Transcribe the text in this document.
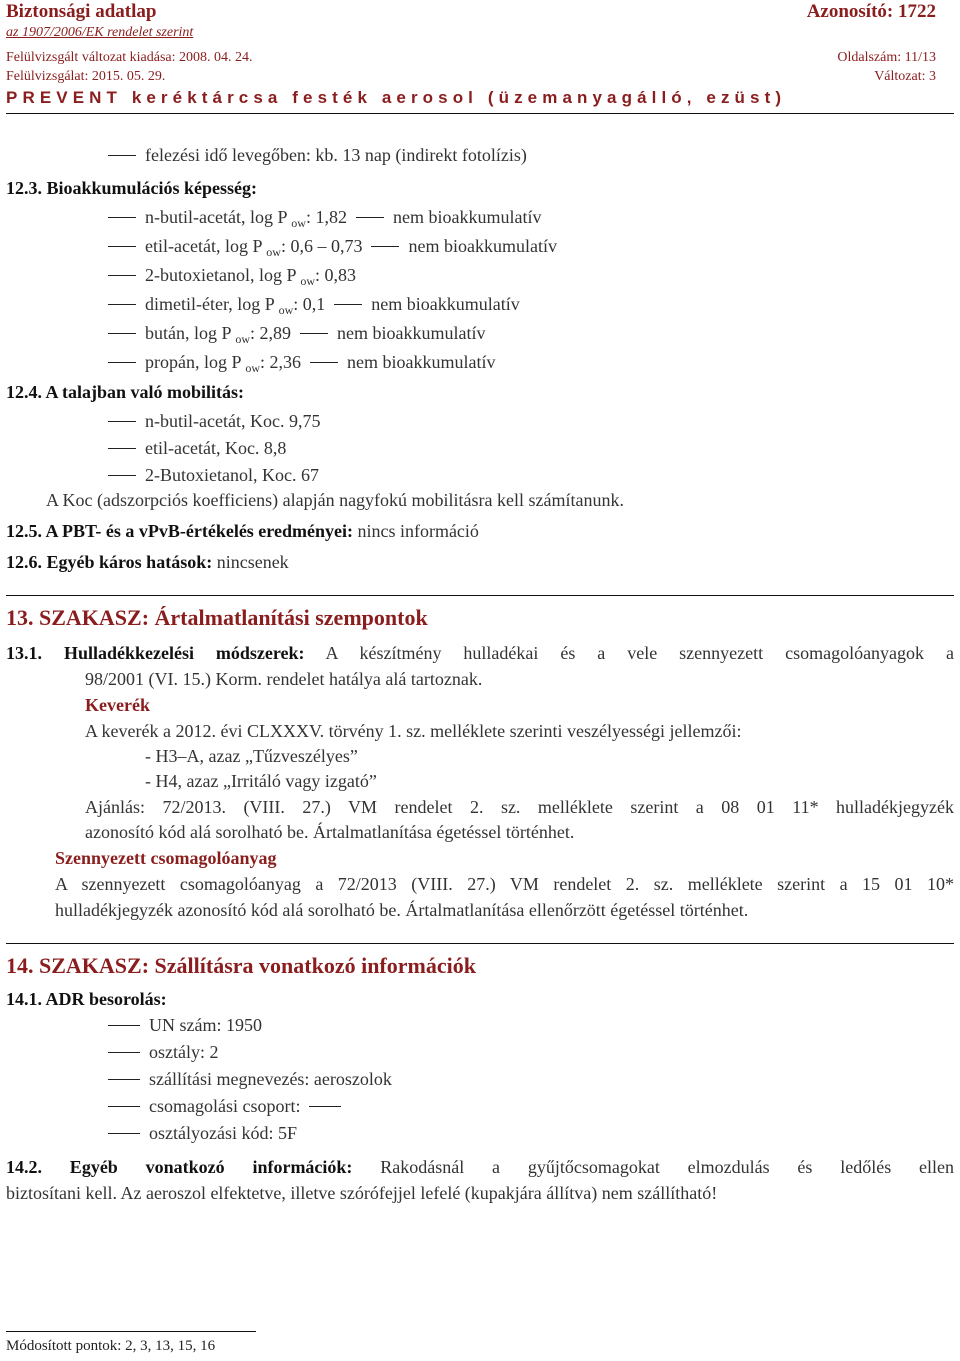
Biztonsági adatlap	Azonosító: 1722
az 1907/2006/EK rendelet szerint
Felülvizsgált változat kiadása: 2008. 04. 24.	Oldalszám: 11/13
Felülvizsgálat: 2015. 05. 29.	Változat: 3
PREVENT keréktárcsa festék aerosol (üzemanyagálló, ezüst)
felezési idő levegőben: kb. 13 nap (indirekt fotolízis)
12.3. Bioakkumulációs képesség:
n-butil-acetát, log P $_{ow}$: 1,82	nem bioakkumulatív
etil-acetát, log P $_{ow}$: 0,6 – 0,73	nem bioakkumulatív
2-butoxietanol, log P $_{ow}$: 0,83
dimetil-éter, log P $_{ow}$: 0,1	nem bioakkumulatív
bután, log P $_{ow}$: 2,89	nem bioakkumulatív
propán, log P $_{ow}$: 2,36	nem bioakkumulatív
12.4. A talajban való mobilitás:
n-butil-acetát, Koc. 9,75
etil-acetát, Koc. 8,8
2-Butoxietanol, Koc. 67
A Koc (adszorpciós koefficiens) alapján nagyfokú mobilitásra kell számítanunk.
12.5. A PBT- és a vPvB-értékelés eredményei: nincs információ
12.6. Egyéb káros hatások: nincsenek
13. SZAKASZ: Ártalmatlanítási szempontok
13.1. Hulladékkezelési módszerek: A készítmény hulladékai és a vele szennyezett csomagolóanyagok a
98/2001 (VI. 15.) Korm. rendelet hatálya alá tartoznak.
Keverék
A keverék a 2012. évi CLXXXV. törvény 1. sz. melléklete szerinti veszélyességi jellemzői:
- H3–A, azaz „Tűzveszélyes”
- H4, azaz „Irritáló vagy izgató”
Ajánlás: 72/2013. (VIII. 27.) VM rendelet 2. sz. melléklete szerint a 08 01 11* hulladékjegyzék
azonosító kód alá sorolható be. Ártalmatlanítása égetéssel történhet.
Szennyezett csomagolóanyag
A szennyezett csomagolóanyag a 72/2013 (VIII. 27.) VM rendelet 2. sz. melléklete szerint a 15 01 10*
hulladékjegyzék azonosító kód alá sorolható be. Ártalmatlanítása ellenőrzött égetéssel történhet.
14. SZAKASZ: Szállításra vonatkozó információk
14.1. ADR besorolás:
UN szám: 1950
osztály: 2
szállítási megnevezés: aeroszolok
csomagolási csoport:
osztályozási kód: 5F
14.2. Egyéb vonatkozó információk: Rakodásnál a gyűjtőcsomagokat elmozdulás és ledőlés ellen
biztosítani kell. Az aeroszol elfektetve, illetve szórófejjel lefelé (kupakjára állítva) nem szállítható!
Módosított pontok: 2, 3, 13, 15, 16
